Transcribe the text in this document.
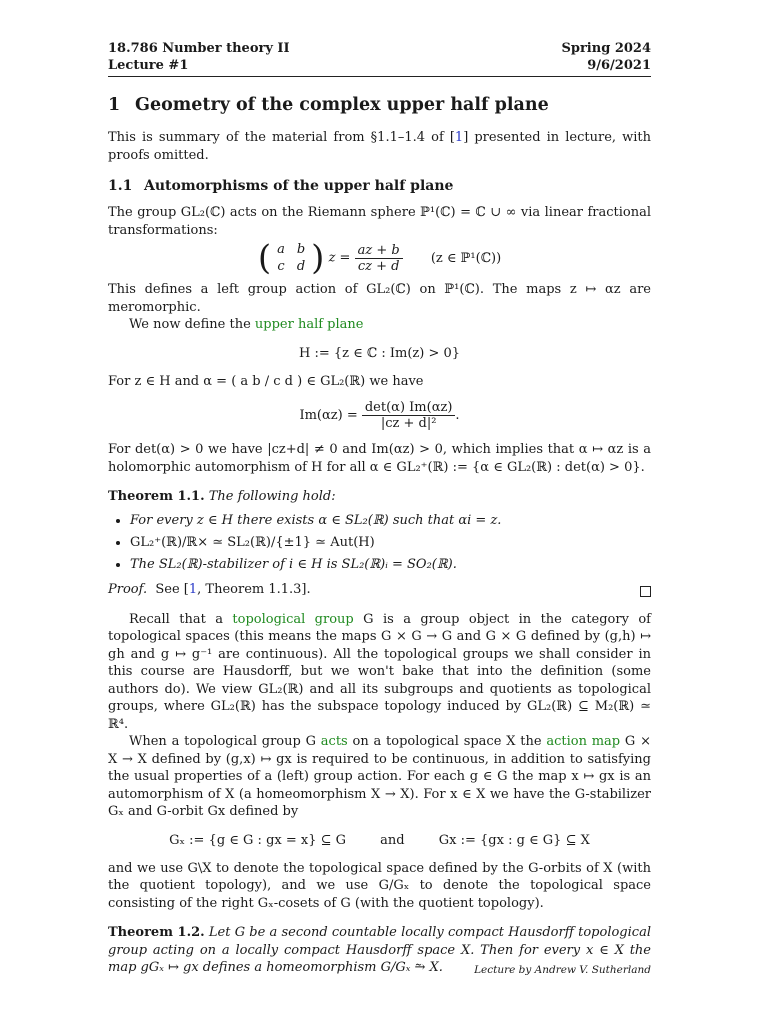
18.786 Number theory II
Lecture #1
Spring 2024
9/6/2021
1 Geometry of the complex upper half plane

This is summary of the material from §1.1–1.4 of [1] presented in lecture, with proofs omitted.

1.1 Automorphisms of the upper half plane

The group GL₂(ℂ) acts on the Riemann sphere ℙ¹(ℂ) = ℂ ∪ ∞ via linear fractional transformations:

( a	b
c	d ) $z = \frac{az + b}{cz + d} (z$ ∈ ℙ¹(ℂ))

This defines a left group action of GL₂(ℂ) on ℙ¹(ℂ). The maps z ↦ αz are meromorphic.

We now define the upper half plane

H := {z ∈ ℂ : Im(z) > 0}

For z ∈ H and α = ( a b / c d ) ∈ GL₂(ℝ) we have

$Im(\alpha z) = \frac{\det(\alpha) Im(\alpha z)}{\text{|cz + d|²}}$ .

For det(α) > 0 we have |cz+d| ≠ 0 and Im(αz) > 0, which implies that α ↦ αz is a holomorphic automorphism of H for all α ∈ GL₂⁺(ℝ) := {α ∈ GL₂(ℝ) : det(α) > 0}.

Theorem 1.1. The following hold:

• For every z ∈ H there exists α ∈ SL₂(ℝ) such that αi = z.
• GL₂⁺(ℝ)/ℝ× ≃ SL₂(ℝ)/{±1} ≃ Aut(H)
• The SL₂(ℝ)-stabilizer of i ∈ H is SL₂(ℝ)ᵢ = SO₂(ℝ).
Proof. See [1, Theorem 1.1.3].

Recall that a topological group G is a group object in the category of topological spaces (this means the maps G × G → G and G × G defined by (g,h) ↦ gh and g ↦ g⁻¹ are continuous). All the topological groups we shall consider in this course are Hausdorff, but we won't bake that into the definition (some authors do). We view GL₂(ℝ) and all its subgroups and quotients as topological groups, where GL₂(ℝ) has the subspace topology induced by GL₂(ℝ) ⊆ M₂(ℝ) ≃ ℝ⁴.

When a topological group G acts on a topological space X the action map G × X → X defined by (g,x) ↦ gx is required to be continuous, in addition to satisfying the usual properties of a (left) group action. For each g ∈ G the map x ↦ gx is an automorphism of X (a homeomorphism X → X). For x ∈ X we have the G-stabilizer Gₓ and G-orbit Gx defined by

Gₓ := {g ∈ G : gx = x} ⊆ G	and	Gx := {gx : g ∈ G} ⊆ X

and we use G\X to denote the topological space defined by the G-orbits of X (with the quotient topology), and we use G/Gₓ to denote the topological space consisting of the right Gₓ-cosets of G (with the quotient topology).

Theorem 1.2. Let G be a second countable locally compact Hausdorff topological group acting on a locally compact Hausdorff space X. Then for every x ∈ X the map gGₓ ↦ gx defines a homeomorphism G/Gₓ ⥲ X.	Lecture by Andrew V. Sutherland
